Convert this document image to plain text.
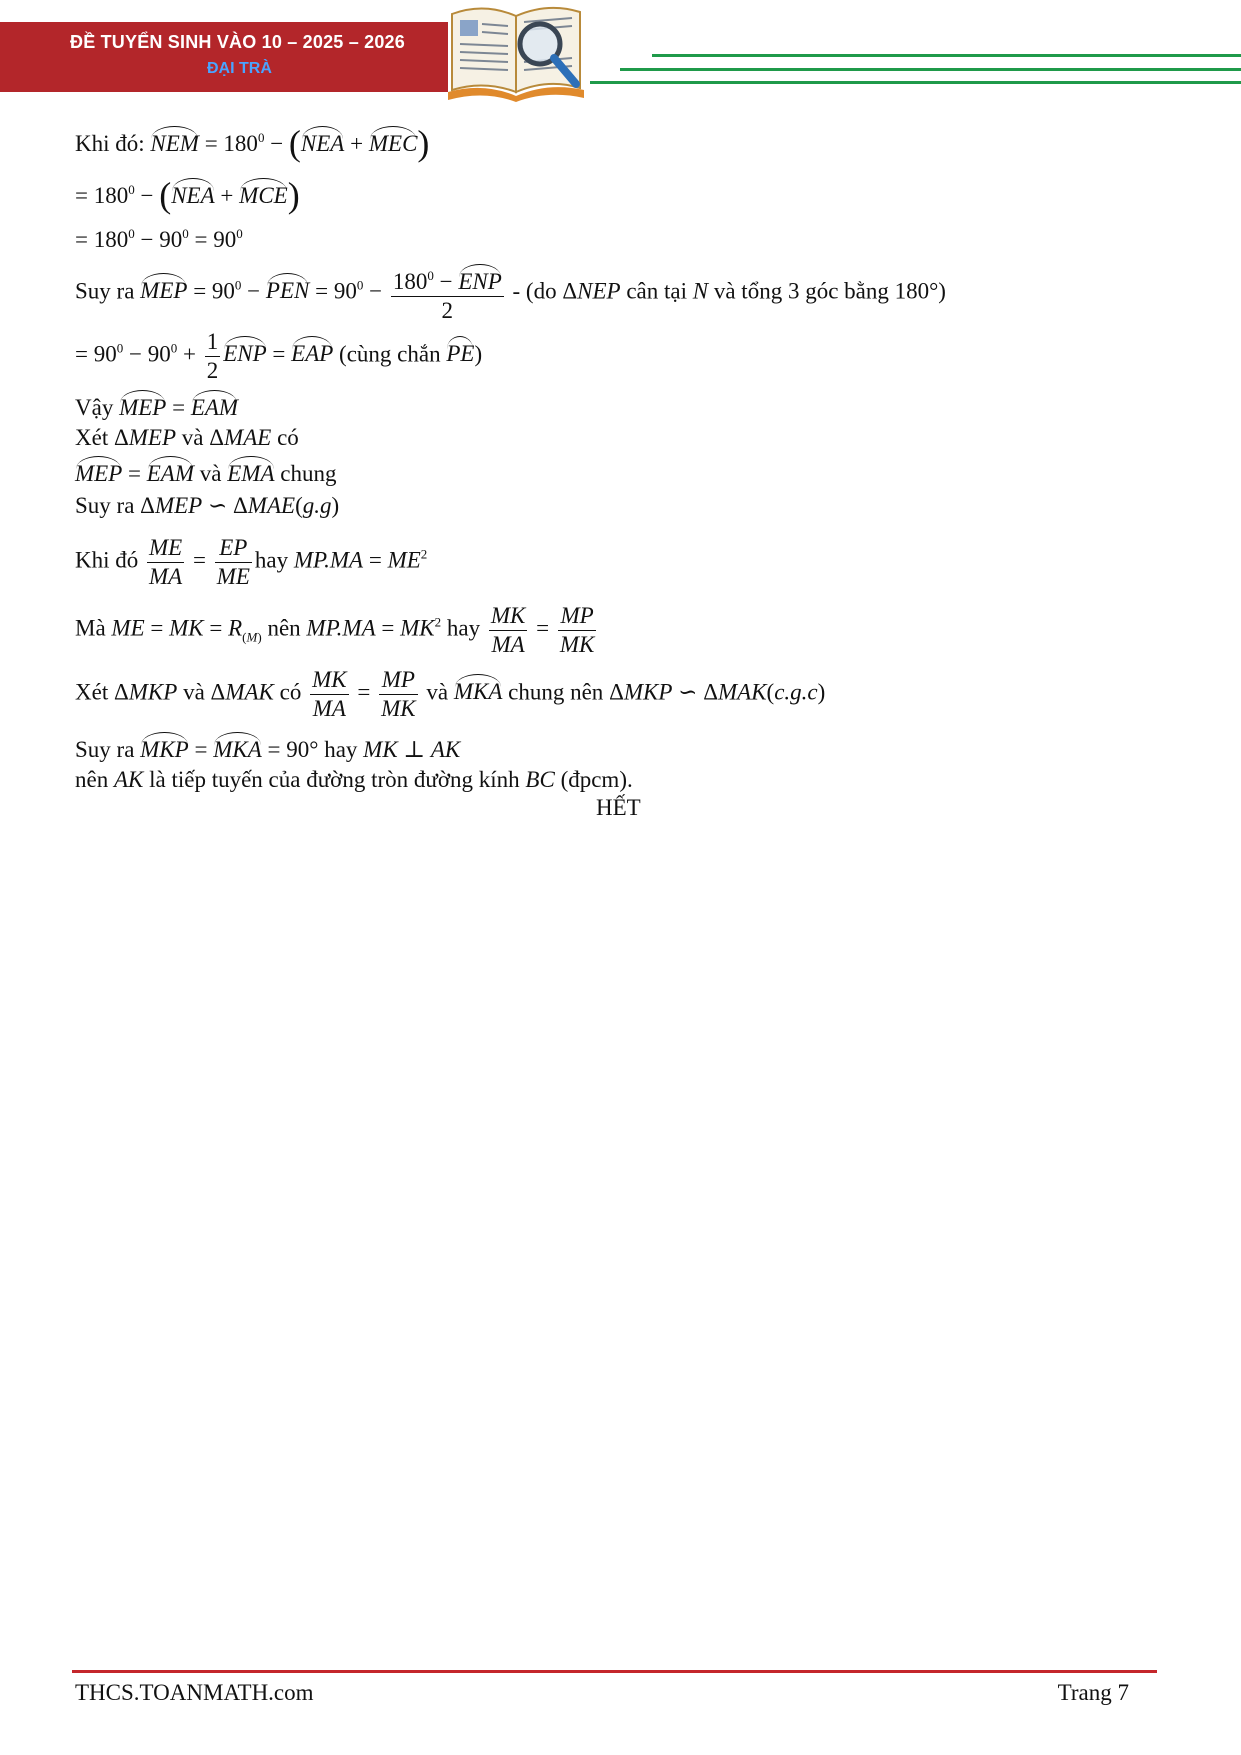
ĐỀ TUYỂN SINH VÀO 10 – 2025 – 2026
ĐẠI TRÀ
Khi đó: NEM = $180^0 - (NEA + MEC)$
= $180^0 - (NEA + MCE)$
= $180^0 - 90^0 = 90^0$
Suy ra MEP = $90^0$ − PEN = $90^0 - \frac{180^0 - ENP}{2} - (do$ ΔNEP cân tại N và tổng 3 góc bằng 180°)
= $90^0 - 90^0 + \frac{1}{2}$ ENP = EAP (cùng chắn PE)
Vậy MEP = EAM
Xét ΔMEP và ΔMAE có
MEP = EAM và EMA chung
Suy ra ΔMEP ∽ ΔMAE(g.g)
Khi đó $\frac{ME}{MA} = \frac{EP}{ME}$ hay $MP.MA = ME^2$
Mà ME = MK = $R_{(M)}$ nên $MP.MA = MK^2$ hay $\frac{MK}{MA} = \frac{MP}{MK}$
Xét ΔMKP và ΔMAK có $\frac{MK}{MA} = \frac{MP}{MK}$ và MKA chung nên ΔMKP ∽ ΔMAK(c.g.c)
Suy ra MKP = MKA = 90° hay MK ⊥ AK
nên AK là tiếp tuyến của đường tròn đường kính BC (đpcm).
HẾT
THCS.TOANMATH.com	Trang 7
